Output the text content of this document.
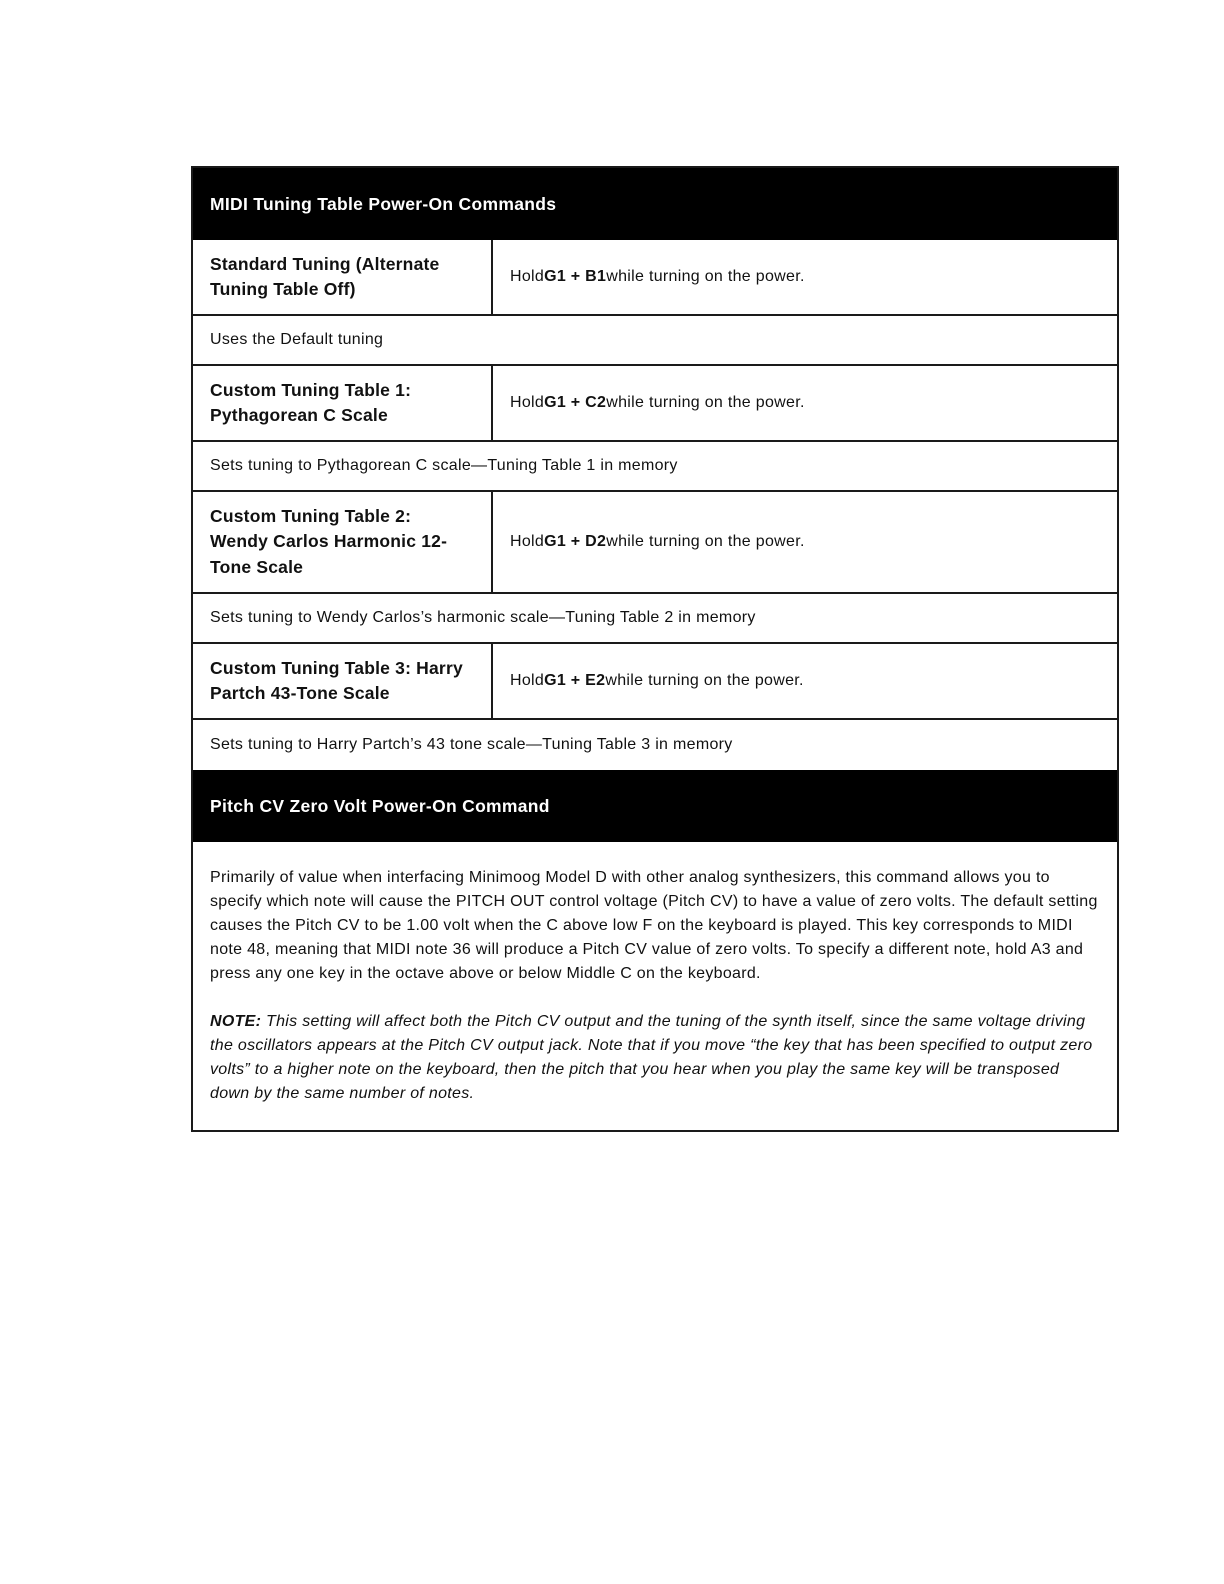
MIDI Tuning Table Power-On Commands
Standard Tuning (Alternate Tuning Table Off)
Hold G1 + B1 while turning on the power.
Uses the Default tuning
Custom Tuning Table 1: Pythagorean C Scale
Hold G1 + C2 while turning on the power.
Sets tuning to Pythagorean C scale—Tuning Table 1 in memory
Custom Tuning Table 2: Wendy Carlos Harmonic 12-Tone Scale
Hold G1 + D2 while turning on the power.
Sets tuning to Wendy Carlos’s harmonic scale—Tuning Table 2 in memory
Custom Tuning Table 3: Harry Partch 43-Tone Scale
Hold G1 + E2 while turning on the power.
Sets tuning to Harry Partch’s 43 tone scale—Tuning Table 3 in memory
Pitch CV Zero Volt Power-On Command

Primarily of value when interfacing Minimoog Model D with other analog synthesizers, this command allows you to specify which note will cause the PITCH OUT control voltage (Pitch CV) to have a value of zero volts. The default setting causes the Pitch CV to be 1.00 volt when the C above low F on the keyboard is played. This key corresponds to MIDI note 48, meaning that MIDI note 36 will produce a Pitch CV value of zero volts. To specify a different note, hold A3 and press any one key in the octave above or below Middle C on the keyboard.

NOTE: This setting will affect both the Pitch CV output and the tuning of the synth itself, since the same voltage driving the oscillators appears at the Pitch CV output jack. Note that if you move “the key that has been specified to output zero volts” to a higher note on the keyboard, then the pitch that you hear when you play the same key will be transposed down by the same number of notes.
